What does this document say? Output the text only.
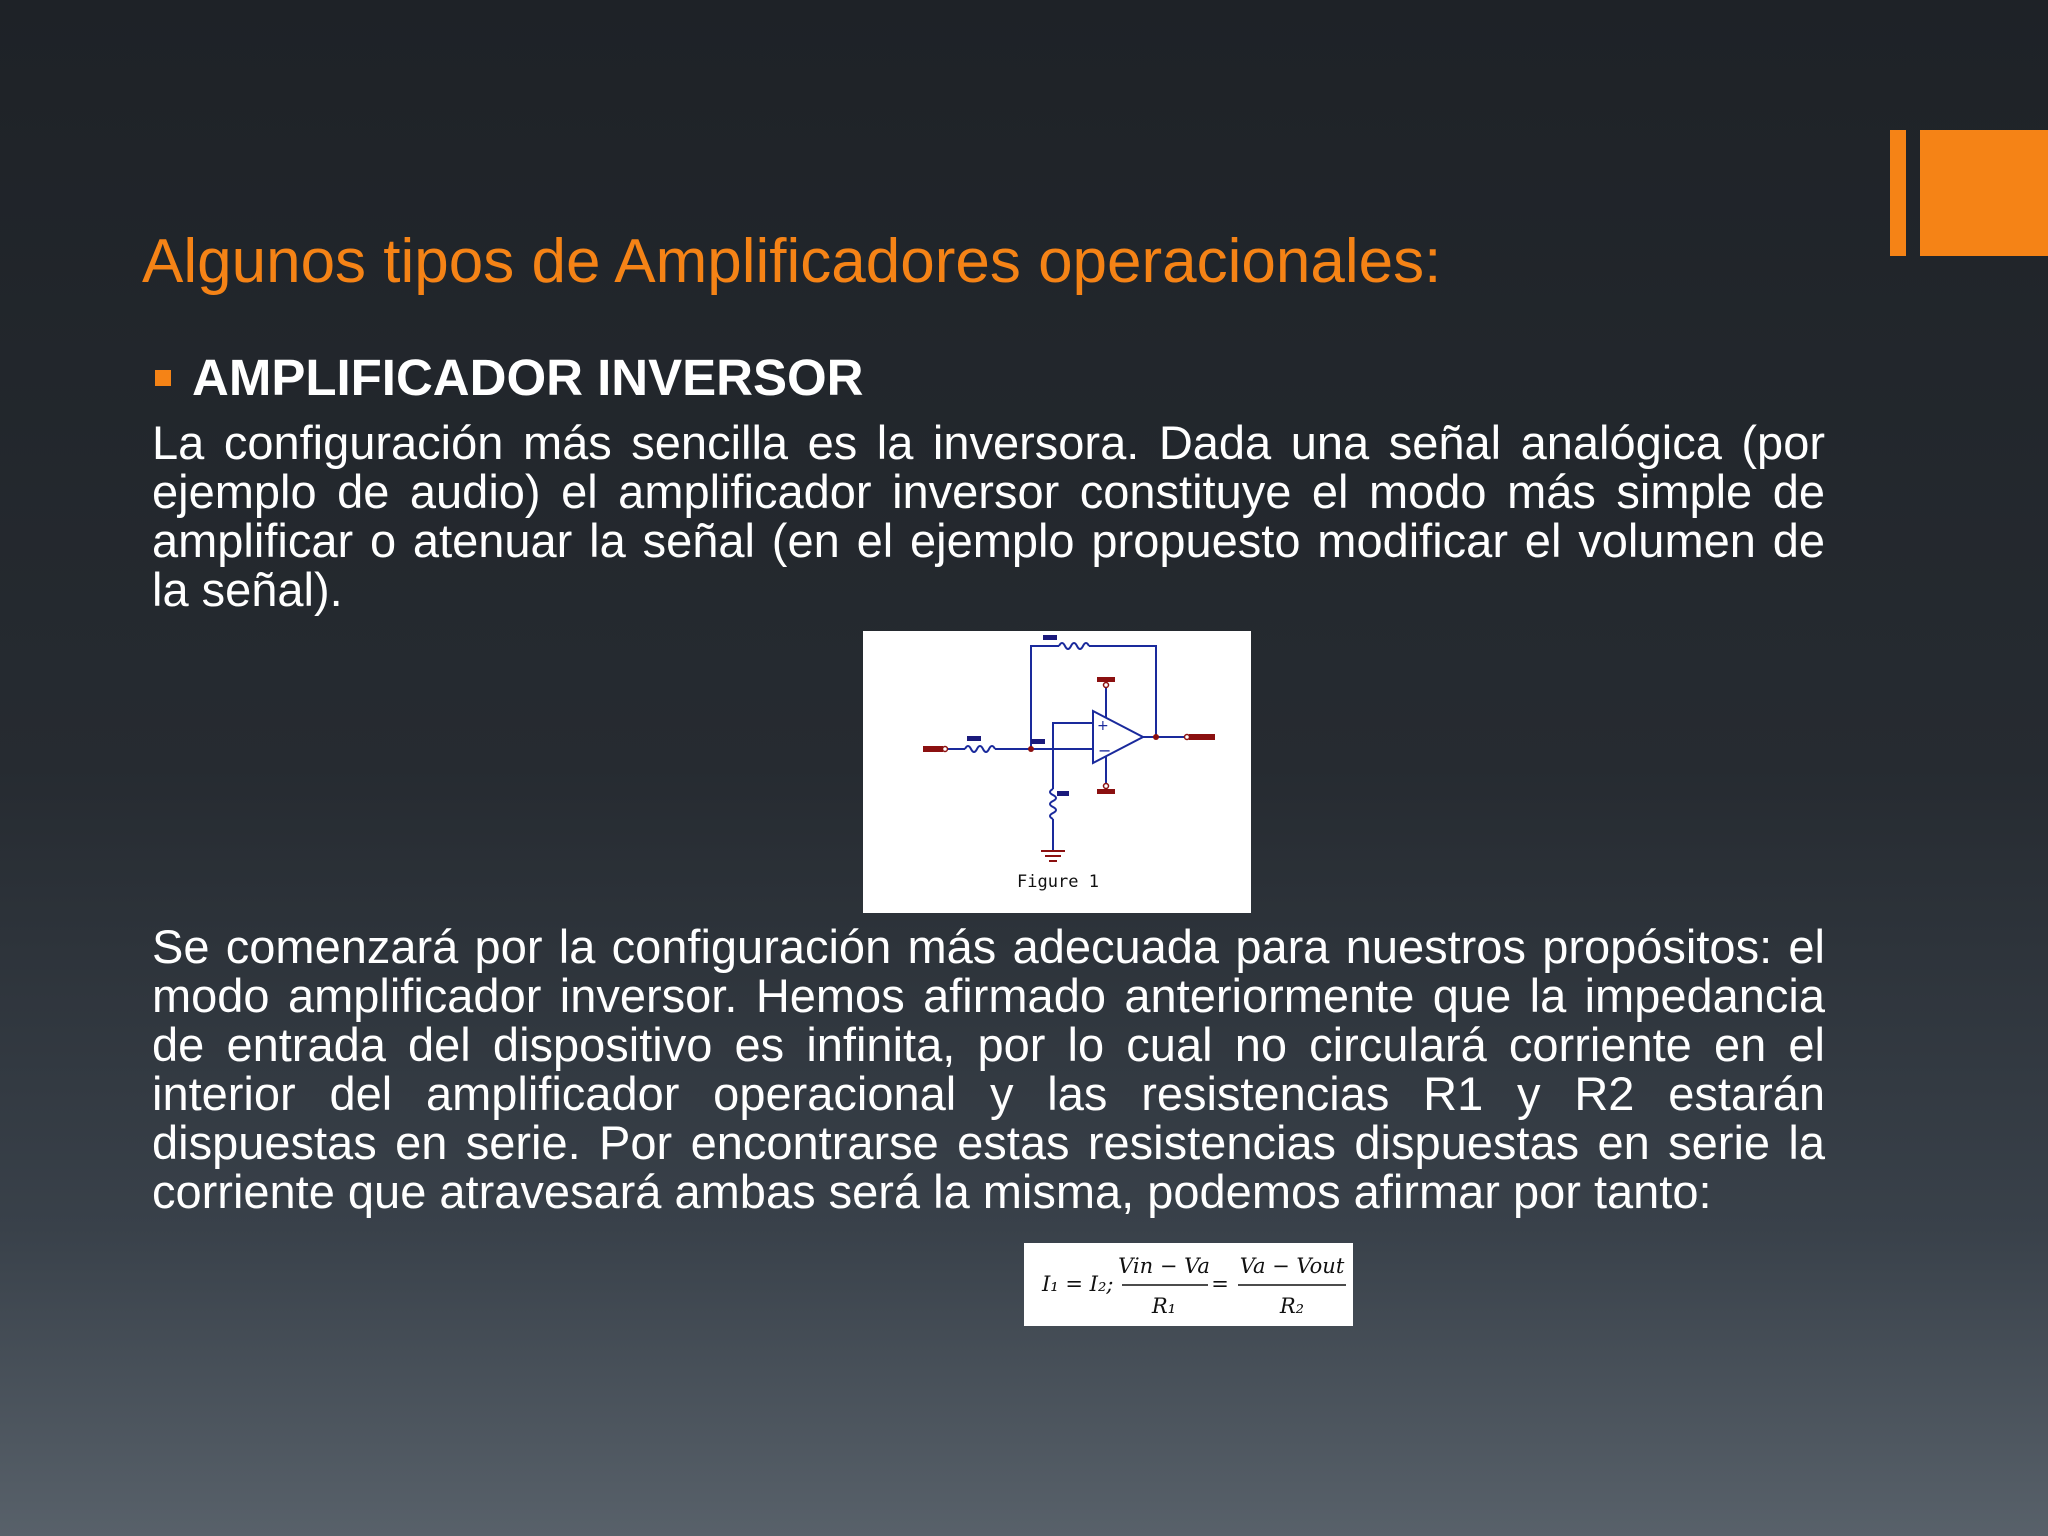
Algunos tipos de Amplificadores operacionales:
AMPLIFICADOR INVERSOR

La configuración más sencilla es la inversora. Dada una señal analógica (por ejemplo de audio) el amplificador inversor constituye el modo más simple de amplificar o atenuar la señal (en el ejemplo propuesto modificar el volumen de la señal).

+
−
Figure 1

Se comenzará por la configuración más adecuada para nuestros propósitos: el modo amplificador inversor. Hemos afirmado anteriormente que la impedancia de entrada del dispositivo es infinita, por lo cual no circulará corriente en el interior del amplificador operacional y las resistencias R1 y R2 estarán dispuestas en serie. Por encontrarse estas resistencias dispuestas en serie la corriente que atravesará ambas será la misma, podemos afirmar por tanto:

I₁ = I₂;
Vin − Va
R₁
=
Va − Vout
R₂
